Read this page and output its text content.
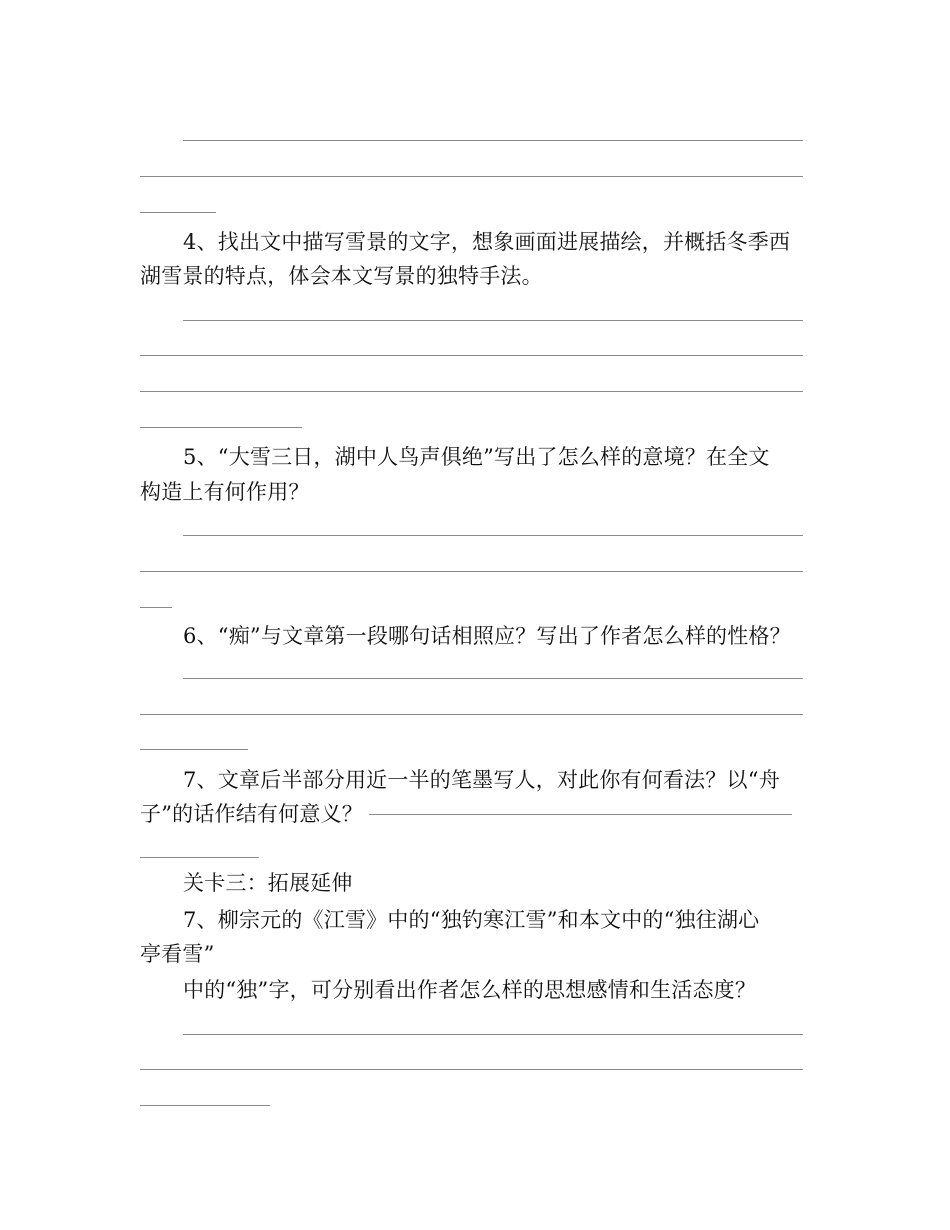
4、找出文中描写雪景的文字，想象画面进展描绘，并概括冬季西
湖雪景的特点，体会本文写景的独特手法。
5、“大雪三日，湖中人鸟声俱绝”写出了怎么样的意境？在全文
构造上有何作用？
6、“痴”与文章第一段哪句话相照应？写出了作者怎么样的性格？
7、文章后半部分用近一半的笔墨写人，对此你有何看法？以“舟
子”的话作结有何意义？
关卡三：拓展延伸
7、柳宗元的《江雪》中的“独钓寒江雪”和本文中的“独往湖心
亭看雪”
中的“独”字，可分别看出作者怎么样的思想感情和生活态度？
